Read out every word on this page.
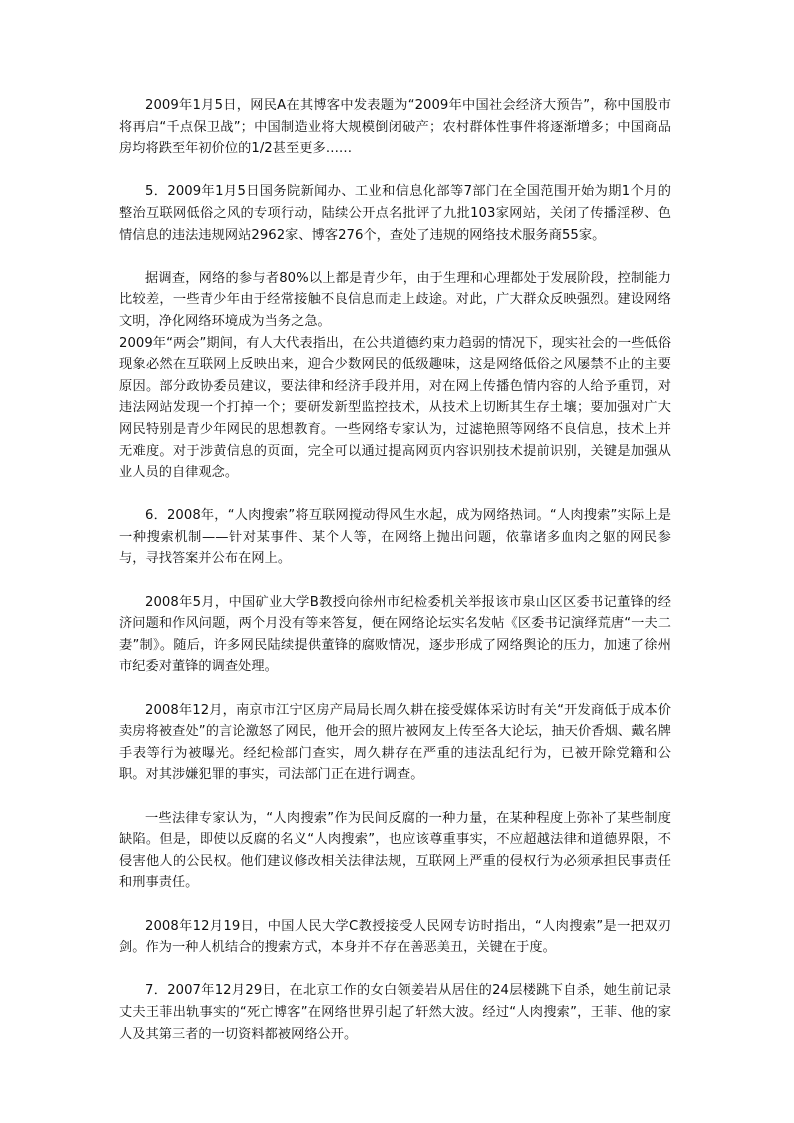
2009年1月5日，网民A在其博客中发表题为“2009年中国社会经济大预告”，称中国股市将再启“千点保卫战”；中国制造业将大规模倒闭破产；农村群体性事件将逐渐增多；中国商品房均将跌至年初价位的1/2甚至更多……

5．2009年1月5日国务院新闻办、工业和信息化部等7部门在全国范围开始为期1个月的整治互联网低俗之风的专项行动，陆续公开点名批评了九批103家网站，关闭了传播淫秽、色情信息的违法违规网站2962家、博客276个，查处了违规的网络技术服务商55家。

据调查，网络的参与者80%以上都是青少年，由于生理和心理都处于发展阶段，控制能力比较差，一些青少年由于经常接触不良信息而走上歧途。对此，广大群众反映强烈。建设网络文明，净化网络环境成为当务之急。

2009年“两会”期间，有人大代表指出，在公共道德约束力趋弱的情况下，现实社会的一些低俗现象必然在互联网上反映出来，迎合少数网民的低级趣味，这是网络低俗之风屡禁不止的主要原因。部分政协委员建议，要法律和经济手段并用，对在网上传播色情内容的人给予重罚，对违法网站发现一个打掉一个；要研发新型监控技术，从技术上切断其生存土壤；要加强对广大网民特别是青少年网民的思想教育。一些网络专家认为，过滤艳照等网络不良信息，技术上并无难度。对于涉黄信息的页面，完全可以通过提高网页内容识别技术提前识别，关键是加强从业人员的自律观念。

6．2008年，“人肉搜索”将互联网搅动得风生水起，成为网络热词。“人肉搜索”实际上是一种搜索机制——针对某事件、某个人等，在网络上抛出问题，依靠诸多血肉之躯的网民参与，寻找答案并公布在网上。

2008年5月，中国矿业大学B教授向徐州市纪检委机关举报该市泉山区区委书记董锋的经济问题和作风问题，两个月没有等来答复，便在网络论坛实名发帖《区委书记演绎荒唐“一夫二妻”制》。随后，许多网民陆续提供董锋的腐败情况，逐步形成了网络舆论的压力，加速了徐州市纪委对董锋的调查处理。

2008年12月，南京市江宁区房产局局长周久耕在接受媒体采访时有关“开发商低于成本价卖房将被查处”的言论激怒了网民，他开会的照片被网友上传至各大论坛，抽天价香烟、戴名牌手表等行为被曝光。经纪检部门查实，周久耕存在严重的违法乱纪行为，已被开除党籍和公职。对其涉嫌犯罪的事实，司法部门正在进行调查。

一些法律专家认为，“人肉搜索”作为民间反腐的一种力量，在某种程度上弥补了某些制度缺陷。但是，即使以反腐的名义“人肉搜索”，也应该尊重事实，不应超越法律和道德界限，不侵害他人的公民权。他们建议修改相关法律法规，互联网上严重的侵权行为必须承担民事责任和刑事责任。

2008年12月19日，中国人民大学C教授接受人民网专访时指出，“人肉搜索”是一把双刃剑。作为一种人机结合的搜索方式，本身并不存在善恶美丑，关键在于度。

7．2007年12月29日，在北京工作的女白领姜岩从居住的24层楼跳下自杀，她生前记录丈夫王菲出轨事实的“死亡博客”在网络世界引起了轩然大波。经过“人肉搜索”，王菲、他的家人及其第三者的一切资料都被网络公开。
